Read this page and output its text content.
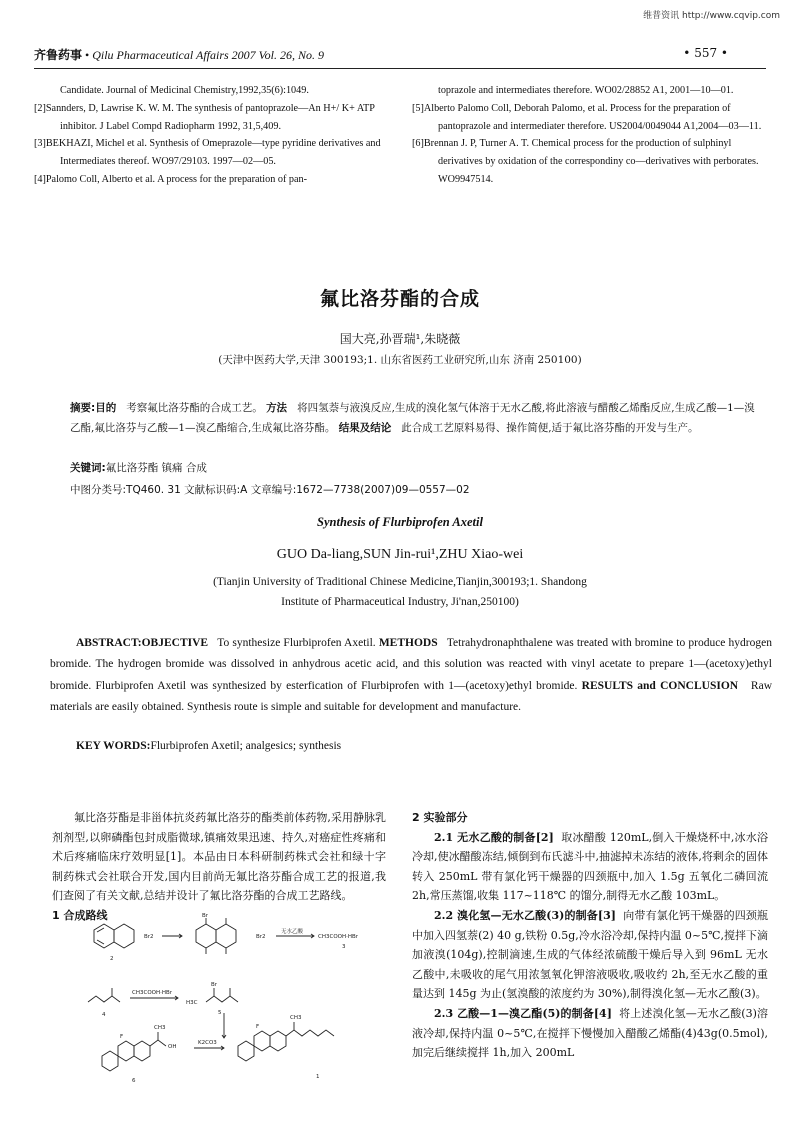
维普资讯 http://www.cqvip.com
齐鲁药事 • Qilu Pharmaceutical Affairs 2007 Vol. 26, No. 9	• 557 •

Candidate. Journal of Medicinal Chemistry,1992,35(6):1049.

[2]Sannders, D, Lawrise K. W. M. The synthesis of pantoprazole—An H+/ K+ ATP inhibitor. J Label Compd Radiopharm 1992, 31,5,409.

[3]BEKHAZI, Michel et al. Synthesis of Omeprazole—type pyridine derivatives and Intermediates thereof. WO97/29103. 1997—02—05.

[4]Palomo Coll, Alberto et al. A process for the preparation of pan-

toprazole and intermediates therefore. WO02/28852 A1, 2001—10—01.

[5]Alberto Palomo Coll, Deborah Palomo, et al. Process for the preparation of pantoprazole and intermediater therefore. US2004/0049044 A1,2004—03—11.

[6]Brennan J. P, Turner A. T. Chemical process for the production of sulphinyl derivatives by oxidation of the correspondiny co—derivatives with perborates. WO9947514.

氟比洛芬酯的合成
国大亮,孙晋瑞¹,朱晓薇
(天津中医药大学,天津 300193;1. 山东省医药工业研究所,山东 济南 250100)
摘要:目的 考察氟比洛芬酯的合成工艺。 方法 将四氢萘与液溴反应,生成的溴化氢气体溶于无水乙酸,将此溶液与醋酸乙烯酯反应,生成乙酸—1—溴乙酯,氟比洛芬与乙酸—1—溴乙酯缩合,生成氟比洛芬酯。 结果及结论 此合成工艺原料易得、操作简便,适于氟比洛芬酯的开发与生产。
关键词:氟比洛芬酯 镇痛 合成
中图分类号:TQ460. 31 文献标识码:A 文章编号:1672—7738(2007)09—0557—02
Synthesis of Flurbiprofen Axetil
GUO Da-liang,SUN Jin-rui¹,ZHU Xiao-wei
(Tianjin University of Traditional Chinese Medicine,Tianjin,300193;1. Shandong
Institute of Pharmaceutical Industry, Ji'nan,250100)
ABSTRACT:OBJECTIVE To synthesize Flurbiprofen Axetil. METHODS Tetrahydronaphthalene was treated with bromine to produce hydrogen bromide. The hydrogen bromide was dissolved in anhydrous acetic acid, and this solution was reacted with vinyl acetate to prepare 1—(acetoxy)ethyl bromide. Flurbiprofen Axetil was synthesized by esterfication of Flurbiprofen with 1—(acetoxy)ethyl bromide. RESULTS and CONCLUSION Raw materials are easily obtained. Synthesis route is simple and suitable for development and manufacture.
KEY WORDS:Flurbiprofen Axetil; analgesics; synthesis

氟比洛芬酯是非甾体抗炎药氟比洛芬的酯类前体药物,采用静脉乳剂剂型,以卵磷酯包封成脂微球,镇痛效果迅速、持久,对癌症性疼痛和术后疼痛临床疗效明显[1]。本品由日本科研制药株式会社和绿十字制药株式会社联合开发,国内目前尚无氟比洛芬酯合成工艺的报道,我们查阅了有关文献,总结并设计了氟比洛芬酯的合成工艺路线。

1 合成路线
Br2
2
Br
Br2
无水乙酸
CH3COOH·HBr
3
CH3COOH·HBr
4
H3C
Br
5
F
CH3
OH
6
K2CO3
F
CH3
1
2 实验部分

2.1 无水乙酸的制备[2] 取冰醋酸 120mL,倒入干燥烧杯中,冰水浴冷却,使冰醋酸冻结,倾倒到布氏滤斗中,抽滤掉未冻结的液体,将剩余的固体转入 250mL 带有氯化钙干燥器的四颈瓶中,加入 1.5g 五氧化二磷回流 2h,常压蒸馏,收集 117~118℃ 的馏分,制得无水乙酸 103mL。

2.2 溴化氢—无水乙酸(3)的制备[3] 向带有氯化钙干燥器的四颈瓶中加入四氢萘(2) 40 g,铁粉 0.5g,冷水浴冷却,保持内温 0~5℃,搅拌下滴加液溴(104g),控制滴速,生成的气体经浓硫酸干燥后导入到 96mL 无水乙酸中,未吸收的尾气用浓氢氧化钾溶液吸收,吸收约 2h,至无水乙酸的重量达到 145g 为止(氢溴酸的浓度约为 30%),制得溴化氢—无水乙酸(3)。

2.3 乙酸—1—溴乙酯(5)的制备[4] 将上述溴化氢—无水乙酸(3)溶液冷却,保持内温 0~5℃,在搅拌下慢慢加入醋酸乙烯酯(4)43g(0.5mol),加完后继续搅拌 1h,加入 200mL
